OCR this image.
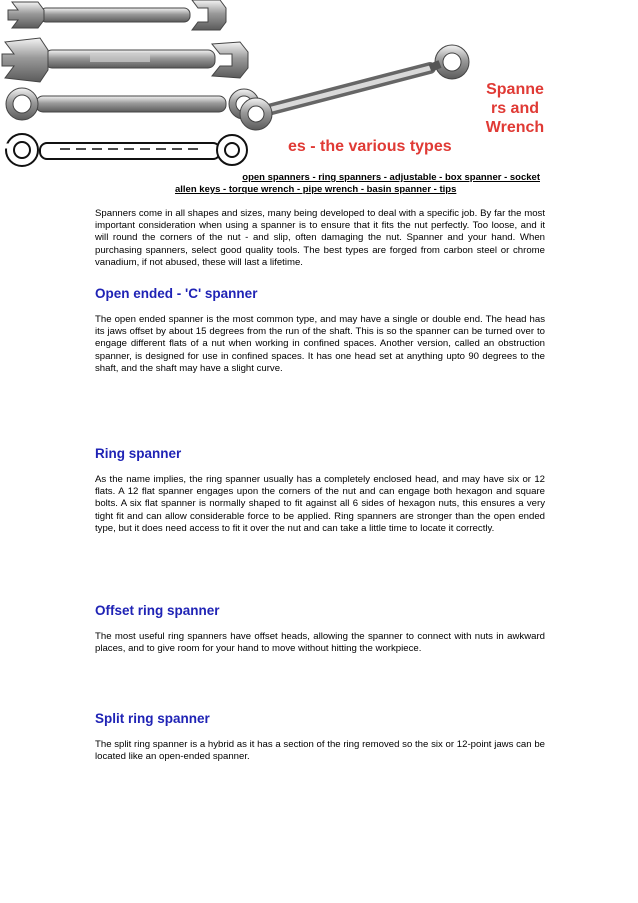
Spanne
rs and
Wrench
es - the various types
open spanners - ring spanners - adjustable - box spanner - socket
allen keys - torque wrench - pipe wrench - basin spanner - tips

Spanners come in all shapes and sizes, many being developed to deal with a specific job. By far the most important consideration when using a spanner is to ensure that it fits the nut perfectly. Too loose, and it will round the corners of the nut - and slip, often damaging the nut. Spanner and your hand. When purchasing spanners, select good quality tools. The best types are forged from carbon steel or chrome vanadium, if not abused, these will last a lifetime.

Open ended - 'C' spanner

The open ended spanner is the most common type, and may have a single or double end. The head has its jaws offset by about 15 degrees from the run of the shaft. This is so the spanner can be turned over to engage different flats of a nut when working in confined spaces. Another version, called an obstruction spanner, is designed for use in confined spaces. It has one head set at anything upto 90 degrees to the shaft, and the shaft may have a slight curve.

Ring spanner

As the name implies, the ring spanner usually has a completely enclosed head, and may have six or 12 flats. A 12 flat spanner engages upon the corners of the nut and can engage both hexagon and square bolts. A six flat spanner is normally shaped to fit against all 6 sides of hexagon nuts, this ensures a very tight fit and can allow considerable force to be applied. Ring spanners are stronger than the open ended type, but it does need access to fit it over the nut and can take a little time to locate it correctly.

Offset ring spanner

The most useful ring spanners have offset heads, allowing the spanner to connect with nuts in awkward places, and to give room for your hand to move without hitting the workpiece.

Split ring spanner

The split ring spanner is a hybrid as it has a section of the ring removed so the six or 12-point jaws can be located like an open-ended spanner.
